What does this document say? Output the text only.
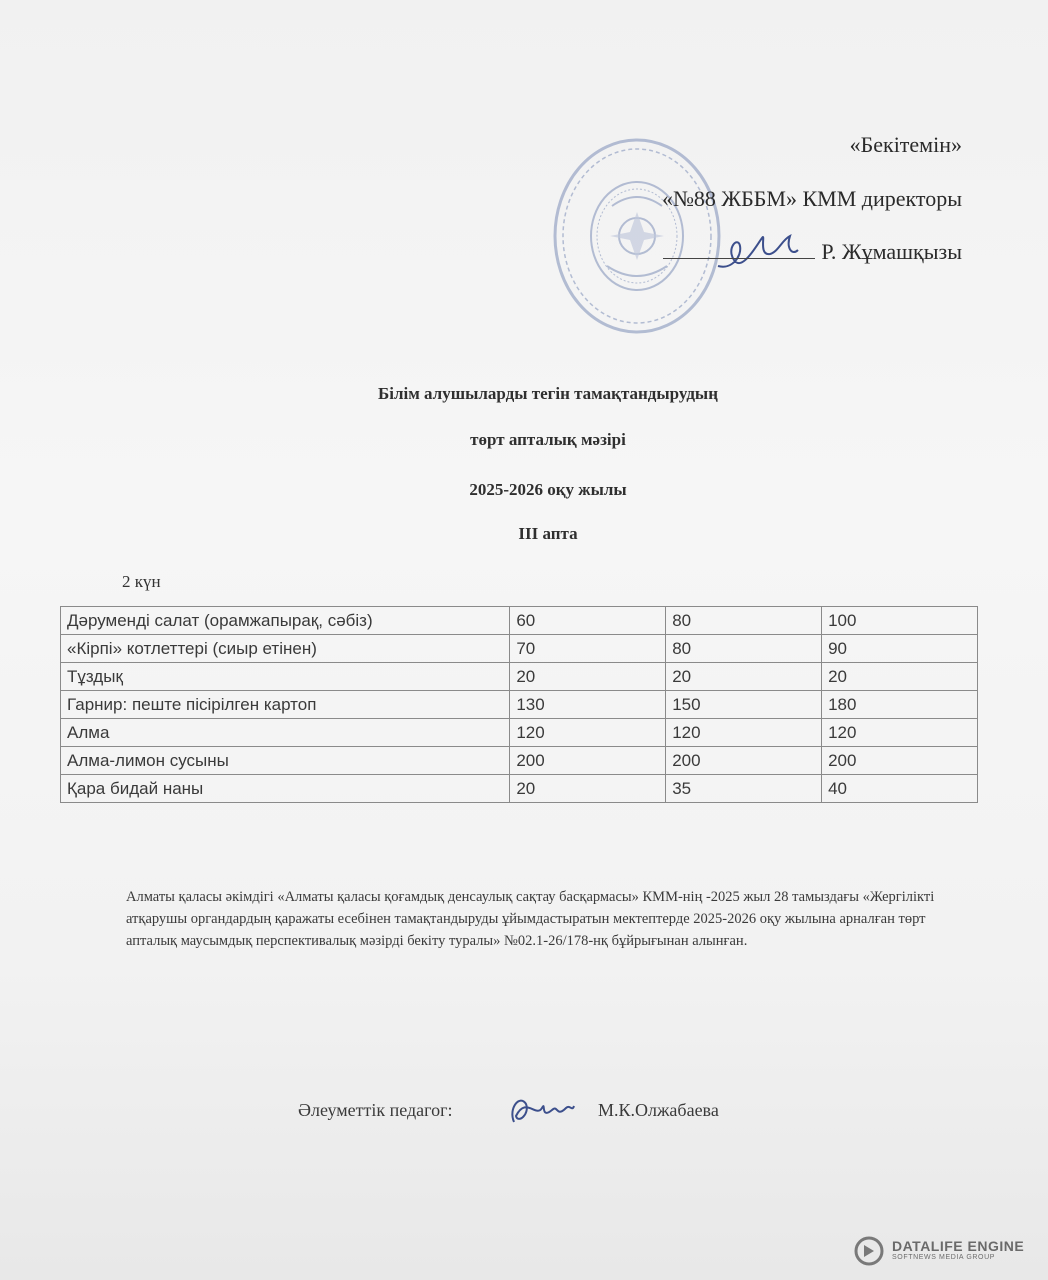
«Бекітемін»
«№88 ЖББМ» КММ директоры
Р. Жұмашқызы
Білім алушыларды тегін тамақтандырудың
төрт апталық мәзірі
2025-2026 оқу жылы
ІІІ апта
2 күн
Дәруменді салат (орамжапырақ, сәбіз)	60	80	100
«Кірпі» котлеттері (сиыр етінен)	70	80	90
Тұздық	20	20	20
Гарнир: пеште пісірілген картоп	130	150	180
Алма	120	120	120
Алма-лимон сусыны	200	200	200
Қара бидай наны	20	35	40
Алматы қаласы әкімдігі «Алматы қаласы қоғамдық денсаулық сақтау басқармасы» КММ-нің -2025 жыл 28 тамыздағы «Жергілікті атқарушы органдардың қаражаты есебінен тамақтандыруды ұйымдастыратын мектептерде 2025-2026 оқу жылына арналған төрт апталық маусымдық перспективалық мәзірді бекіту туралы» №02.1-26/178-нқ бұйрығынан алынған.
Әлеуметтік педагог:	М.К.Олжабаева
DATALIFE ENGINE
SOFTNEWS MEDIA GROUP
